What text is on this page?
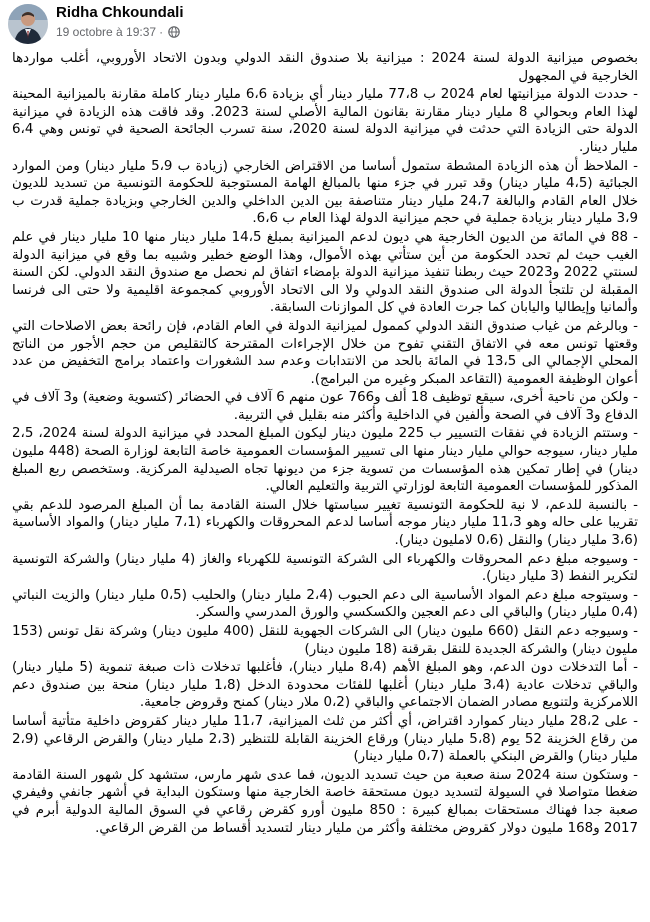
Ridha Chkoundali
19 octobre à 19:37 ·

بخصوص ميزانية الدولة لسنة 2024 : ميزانية بلا صندوق النقد الدولي وبدون الاتحاد الأوروبي، أغلب مواردها الخارجية في المجهول

- حددت الدولة ميزانيتها لعام 2024 ب 77،8 مليار دينار أي بزيادة 6،6 مليار دينار كاملة مقارنة بالميزانية المحينة لهذا العام وبحوالي 8 مليار دينار مقارنة بقانون المالية الأصلي لسنة 2023. وقد فاقت هذه الزيادة في ميزانية الدولة حتى الزيادة التي حدثت في ميزانية الدولة لسنة 2020، سنة تسرب الجائحة الصحية في تونس وهي 6،4 مليار دينار.

- الملاحظ أن هذه الزيادة المشطة ستمول أساسا من الاقتراض الخارجي (زيادة ب 5،9 مليار دينار) ومن الموارد الجبائية (4،5 مليار دينار) وقد تبرر في جزء منها بالمبالغ الهامة المستوجبة للحكومة التونسية من تسديد للديون خلال العام القادم والبالغة 24،7 مليار دينار متناصفة بين الدين الداخلي والدين الخارجي وبزيادة جملية قدرت ب 3،9 مليار دينار بزيادة جملية في حجم ميزانية الدولة لهذا العام ب 6،6.

- 88 في المائة من الديون الخارجية هي ديون لدعم الميزانية بمبلغ 14،5 مليار دينار منها 10 مليار دينار في علم الغيب حيث لم تحدد الحكومة من أين ستأتي بهذه الأموال، وهذا الوضع خطير وشبيه بما وقع في ميزانية الدولة لسنتي 2022 و2023 حيث ربطنا تنفيذ ميزانية الدولة بإمضاء اتفاق لم نحصل مع صندوق النقد الدولي. لكن السنة المقبلة لن تلتجأ الدولة الى صندوق النقد الدولي ولا الى الاتحاد الأوروبي كمجموعة اقليمية ولا حتى الى فرنسا وألمانيا وإيطاليا واليابان كما جرت العادة في كل الموازنات السابقة.

- وبالرغم من غياب صندوق النقد الدولي كممول لميزانية الدولة في العام القادم، فإن رائحة بعض الاصلاحات التي وقعتها تونس معه في الاتفاق التقني تفوح من خلال الإجراءات المقترحة كالتقليص من حجم الأجور من الناتج المحلي الإجمالي الى 13،5 في المائة بالحد من الانتدابات وعدم سد الشغورات واعتماد برامج التخفيض من عدد أعوان الوظيفة العمومية (التقاعد المبكر وغيره من البرامج).

- ولكن من ناحية أخرى، سيقع توظيف 18 ألف و766 عون منهم 6 آلاف في الحضائر (كتسوية وضعية) و3 آلاف في الدفاع و3 آلاف في الصحة وألفين في الداخلية وأكثر منه بقليل في التربية.

- وستتم الزيادة في نفقات التسيير ب 225 مليون دينار ليكون المبلغ المحدد في ميزانية الدولة لسنة 2024، 2،5 مليار دينار، سيوجه حوالي مليار دينار منها الى تسيير المؤسسات العمومية خاصة التابعة لوزارة الصحة (448 مليون دينار) في إطار تمكين هذه المؤسسات من تسوية جزء من ديونها تجاه الصيدلية المركزية. وستخصص ربع المبلغ المذكور للمؤسسات العمومية التابعة لوزارتي التربية والتعليم العالي.

- بالنسبة للدعم، لا نية للحكومة التونسية تغيير سياستها خلال السنة القادمة بما أن المبلغ المرصود للدعم بقي تقريبا على حاله وهو 11،3 مليار دينار موجه أساسا لدعم المحروقات والكهرباء (7،1 مليار دينار) والمواد الأساسية (3،6 مليار دينار) والنقل (0،6 لاملیون دينار).

- وسيوجه مبلغ دعم المحروقات والكهرباء الى الشركة التونسية للكهرباء والغاز (4 مليار دينار) والشركة التونسية لتكرير النفط (3 مليار دينار).

- وسيتوجه مبلغ دعم المواد الأساسية الى دعم الحبوب (2،4 مليار دينار) والحليب (0،5 مليار دينار) والزيت النباتي (0،4 مليار دينار) والباقي الى دعم العجين والكسكسي والورق المدرسي والسكر.

- وسيوجه دعم النقل (660 مليون دينار) الى الشركات الجهوية للنقل (400 مليون دينار) وشركة نقل تونس (153 مليون دينار) والشركة الجديدة للنقل بقرقنة (18 مليون دينار)

- أما التدخلات دون الدعم، وهو المبلغ الأهم (8،4 مليار دينار)، فأغلبها تدخلات ذات صبغة تنموية (5 مليار دينار) والباقي تدخلات عادية (3،4 مليار دينار) أغلبها للفئات محدودة الدخل (1،8 مليار دينار) منحة بين صندوق دعم اللامركزية ولتنويع مصادر الضمان الاجتماعي والباقي (0،2 ملار دينار) كمنح وقروض جامعية.

- على 28،2 مليار دينار كموارد اقتراض، أي أكثر من ثلث الميزانية، 11،7 مليار دينار كقروض داخلية متأتية أساسا من رقاع الخزينة 52 يوم (5،8 مليار دينار) ورقاع الخزينة القابلة للتنظير (2،3 مليار دينار) والقرض الرقاعي (2،9 مليار دينار) والقرض البنكي بالعملة (0،7 مليار دينار)

- وستكون سنة 2024 سنة صعبة من حيث تسديد الديون، فما عدى شهر مارس، ستشهد كل شهور السنة القادمة ضغطا متواصلا في السيولة لتسديد ديون مستحقة خاصة الخارجية منها وستكون البداية في أشهر جانفي وفيفري صعبة جدا فهناك مستحقات بمبالغ كبيرة : 850 مليون أورو كقرض رقاعي في السوق المالية الدولية أبرم في 2017 و168 مليون دولار كقروض مختلفة وأكثر من مليار دينار لتسديد أقساط من القرض الرقاعي.
